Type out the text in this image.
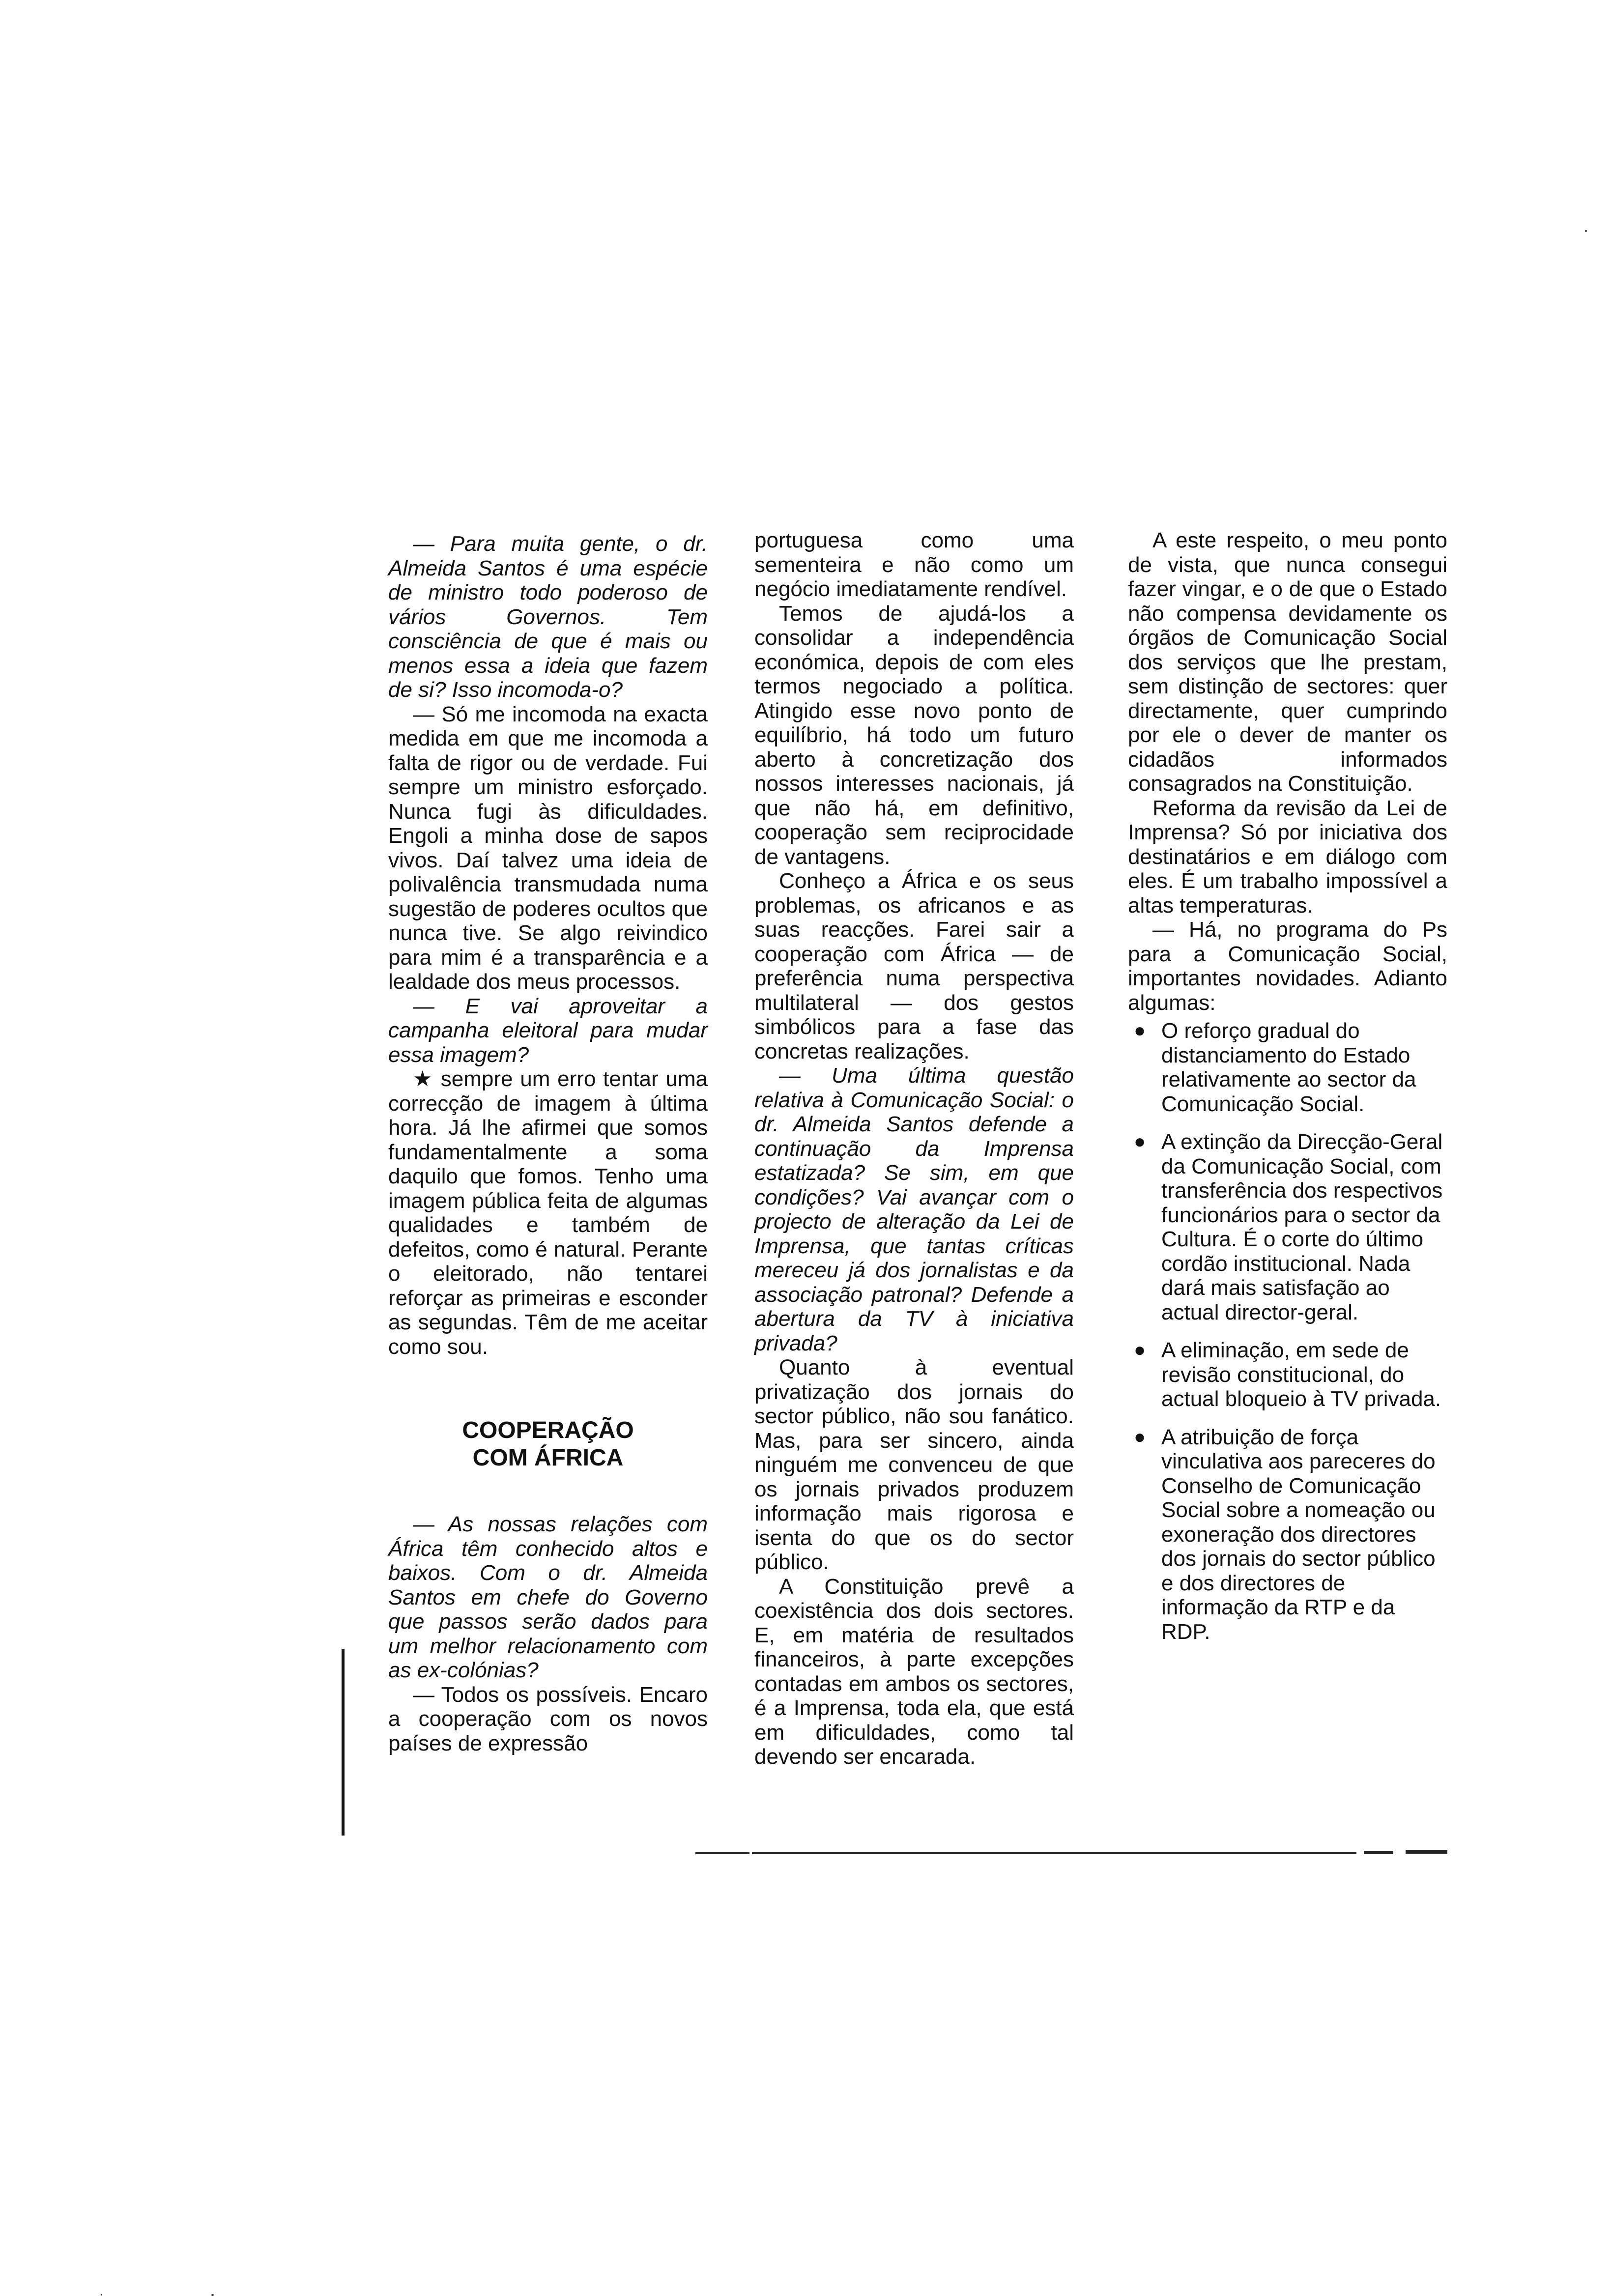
— Para muita gente, o dr. Almeida Santos é uma espécie de ministro todo poderoso de vários Governos. Tem consciência de que é mais ou menos essa a ideia que fazem de si? Isso incomoda-o?

— Só me incomoda na exacta medida em que me incomoda a falta de rigor ou de verdade. Fui sempre um ministro esforçado. Nunca fugi às dificuldades. Engoli a minha dose de sapos vivos. Daí talvez uma ideia de polivalência transmudada numa sugestão de poderes ocultos que nunca tive. Se algo reivindico para mim é a transparência e a lealdade dos meus processos.

— E vai aproveitar a campanha eleitoral para mudar essa imagem?

★ sempre um erro tentar uma correcção de imagem à última hora. Já lhe afirmei que somos fundamentalmente a soma daquilo que fomos. Tenho uma imagem pública feita de algumas qualidades e também de defeitos, como é natural. Perante o eleitorado, não tentarei reforçar as primeiras e esconder as segundas. Têm de me aceitar como sou.

COOPERAÇÃO
COM ÁFRICA

— As nossas relações com África têm conhecido altos e baixos. Com o dr. Almeida Santos em chefe do Governo que passos serão dados para um melhor relacionamento com as ex-colónias?

— Todos os possíveis. Encaro a cooperação com os novos países de expressão

portuguesa como uma sementeira e não como um negócio imediatamente rendível.

Temos de ajudá-los a consolidar a independência económica, depois de com eles termos negociado a política. Atingido esse novo ponto de equilíbrio, há todo um futuro aberto à concretização dos nossos interesses nacionais, já que não há, em definitivo, cooperação sem reciprocidade de vantagens.

Conheço a África e os seus problemas, os africanos e as suas reacções. Farei sair a cooperação com África — de preferência numa perspectiva multilateral — dos gestos simbólicos para a fase das concretas realizações.

— Uma última questão relativa à Comunicação Social: o dr. Almeida Santos defende a continuação da Imprensa estatizada? Se sim, em que condições? Vai avançar com o projecto de alteração da Lei de Imprensa, que tantas críticas mereceu já dos jornalistas e da associação patronal? Defende a abertura da TV à iniciativa privada?

Quanto à eventual privatização dos jornais do sector público, não sou fanático. Mas, para ser sincero, ainda ninguém me convenceu de que os jornais privados produzem informação mais rigorosa e isenta do que os do sector público.

A Constituição prevê a coexistência dos dois sectores. E, em matéria de resultados financeiros, à parte excepções contadas em ambos os sectores, é a Imprensa, toda ela, que está em dificuldades, como tal devendo ser encarada.

A este respeito, o meu ponto de vista, que nunca consegui fazer vingar, e o de que o Estado não compensa devidamente os órgãos de Comunicação Social dos serviços que lhe prestam, sem distinção de sectores: quer directamente, quer cumprindo por ele o dever de manter os cidadãos informados consagrados na Constituição.

Reforma da revisão da Lei de Imprensa? Só por iniciativa dos destinatários e em diálogo com eles. É um trabalho impossível a altas temperaturas.

— Há, no programa do Ps para a Comunicação Social, importantes novidades. Adianto algumas:

● O reforço gradual do distanciamento do Estado relativamente ao sector da Comunicação Social.
● A extinção da Direcção-Geral da Comunicação Social, com transferência dos respectivos funcionários para o sector da Cultura. É o corte do último cordão institucional. Nada dará mais satisfação ao actual director-geral.
● A eliminação, em sede de revisão constitucional, do actual bloqueio à TV privada.
● A atribuição de força vinculativa aos pareceres do Conselho de Comunicação Social sobre a nomeação ou exoneração dos directores dos jornais do sector público e dos directores de informação da RTP e da RDP.
